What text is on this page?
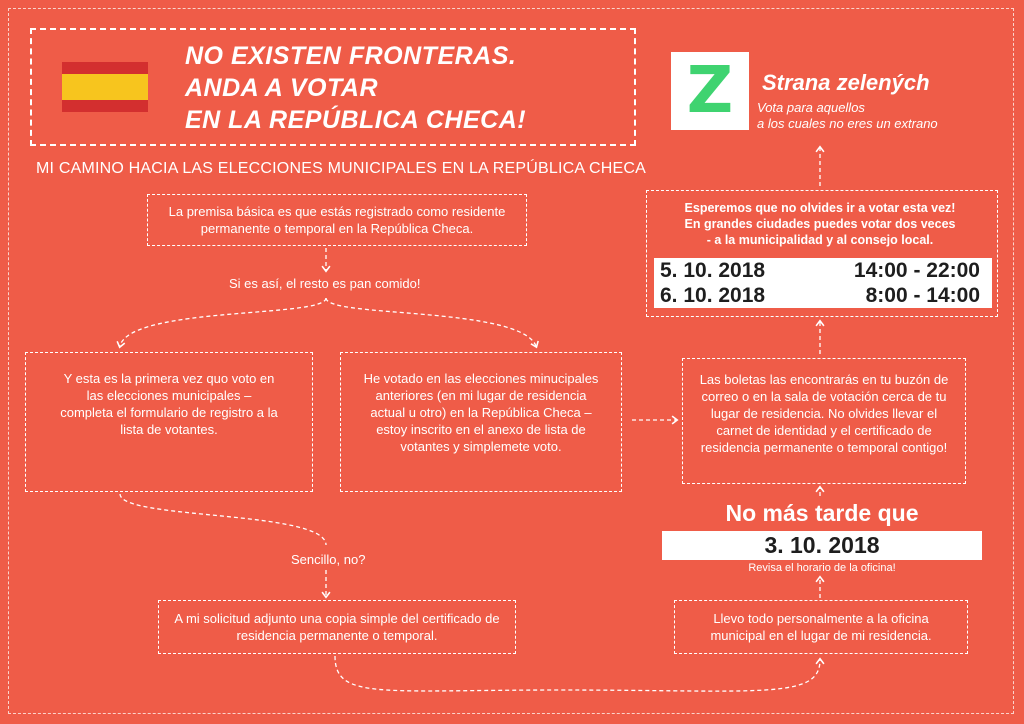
NO EXISTEN FRONTERAS.
ANDA A VOTAR
EN LA REPÚBLICA CHECA!
MI CAMINO HACIA LAS ELECCIONES MUNICIPALES EN LA REPÚBLICA CHECA
Z	Strana zelených
Vota para aquellos
a los cuales no eres un extrano
La premisa básica es que estás registrado como residente permanente o temporal en la República Checa.
Si es así, el resto es pan comido!
Y esta es la primera vez quo voto en las elecciones municipales – completa el formulario de registro a la lista de votantes.
He votado en las elecciones minucipales anteriores (en mi lugar de residencia actual u otro) en la República Checa – estoy inscrito en el anexo de lista de votantes y simplemete voto.
Sencillo, no?
A mi solicitud adjunto una copia simple del certificado de residencia permanente o temporal.
Llevo todo personalmente a la oficina municipal en el lugar de mi residencia.
No más tarde que
3. 10. 2018
Revisa el horario de la oficina!
Las boletas las encontrarás en tu buzón de correo o en la sala de votación cerca de tu lugar de residencia. No olvides llevar el carnet de identidad y el certificado de residencia permanente o temporal contigo!
Esperemos que no olvides ir a votar esta vez!
En grandes ciudades puedes votar dos veces
- a la municipalidad y al consejo local.
5. 10. 2018	14:00 - 22:00
6. 10. 2018	8:00 - 14:00
